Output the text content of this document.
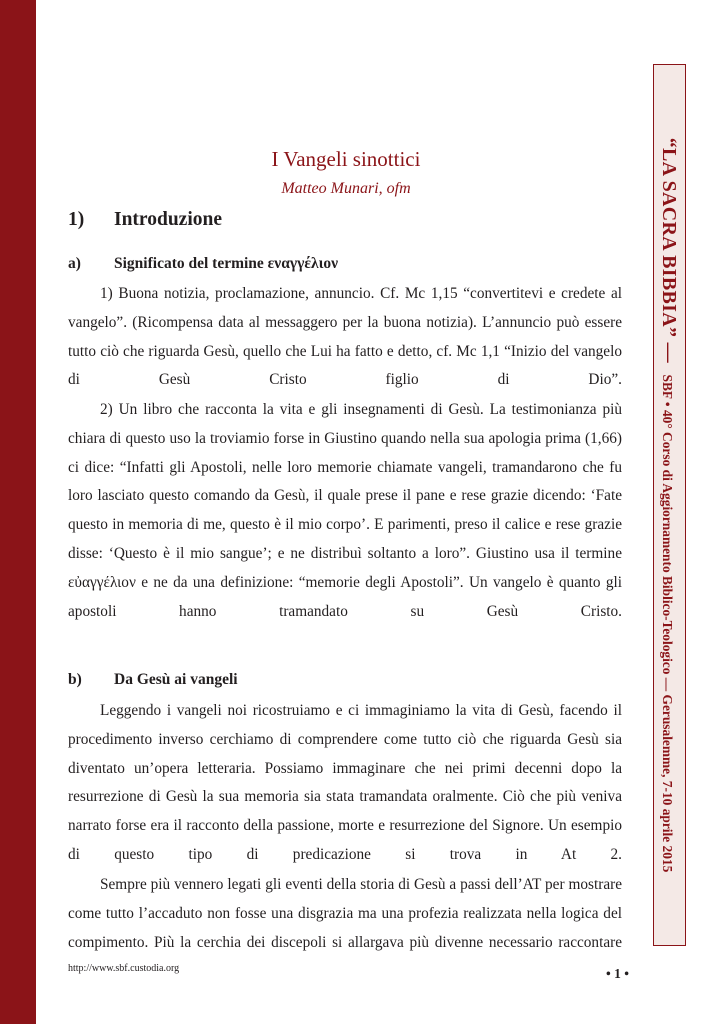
“LA SACRA BIBBIA” —   SBF • 40° Corso di Aggiornamento Biblico-Teologico — Gerusalemme, 7-10 aprile 2015
I Vangeli sinottici
Matteo Munari, ofm
1) Introduzione
a) Significato del termine εναγγέλιον

1) Buona notizia, proclamazione, annuncio. Cf. Mc 1,15 “convertitevi e credete al vangelo”. (Ricompensa data al messaggero per la buona notizia). L’annuncio può essere tutto ciò che riguarda Gesù, quello che Lui ha fatto e detto, cf. Mc 1,1 “Inizio del vangelo di Gesù Cristo figlio di Dio”.

2) Un libro che racconta la vita e gli insegnamenti di Gesù. La testimonianza più chiara di questo uso la troviamio forse in Giustino quando nella sua apologia prima (1,66) ci dice: “Infatti gli Apostoli, nelle loro memorie chiamate vangeli, tramandarono che fu loro lasciato questo comando da Gesù, il quale prese il pane e rese grazie dicendo: ‘Fate questo in memoria di me, questo è il mio corpo’. E parimenti, preso il calice e rese grazie disse: ‘Questo è il mio sangue’; e ne distribuì soltanto a loro”. Giustino usa il termine εὐαγγέλιον e ne da una definizione: “memorie degli Apostoli”. Un vangelo è quanto gli apostoli hanno tramandato su Gesù Cristo.

b) Da Gesù ai vangeli

Leggendo i vangeli noi ricostruiamo e ci immaginiamo la vita di Gesù, facendo il procedimento inverso cerchiamo di comprendere come tutto ciò che riguarda Gesù sia diventato un’opera letteraria. Possiamo immaginare che nei primi decenni dopo la resurrezione di Gesù la sua memoria sia stata tramandata oralmente. Ciò che più veniva narrato forse era il racconto della passione, morte e resurrezione del Signore. Un esempio di questo tipo di predicazione si trova in At 2.

Sempre più vennero legati gli eventi della storia di Gesù a passi dell’AT per mostrare come tutto l’accaduto non fosse una disgrazia ma una profezia realizzata nella logica del compimento. Più la cerchia dei discepoli si allargava più divenne necessario raccontare

http://www.sbf.custodia.org	• 1 •
